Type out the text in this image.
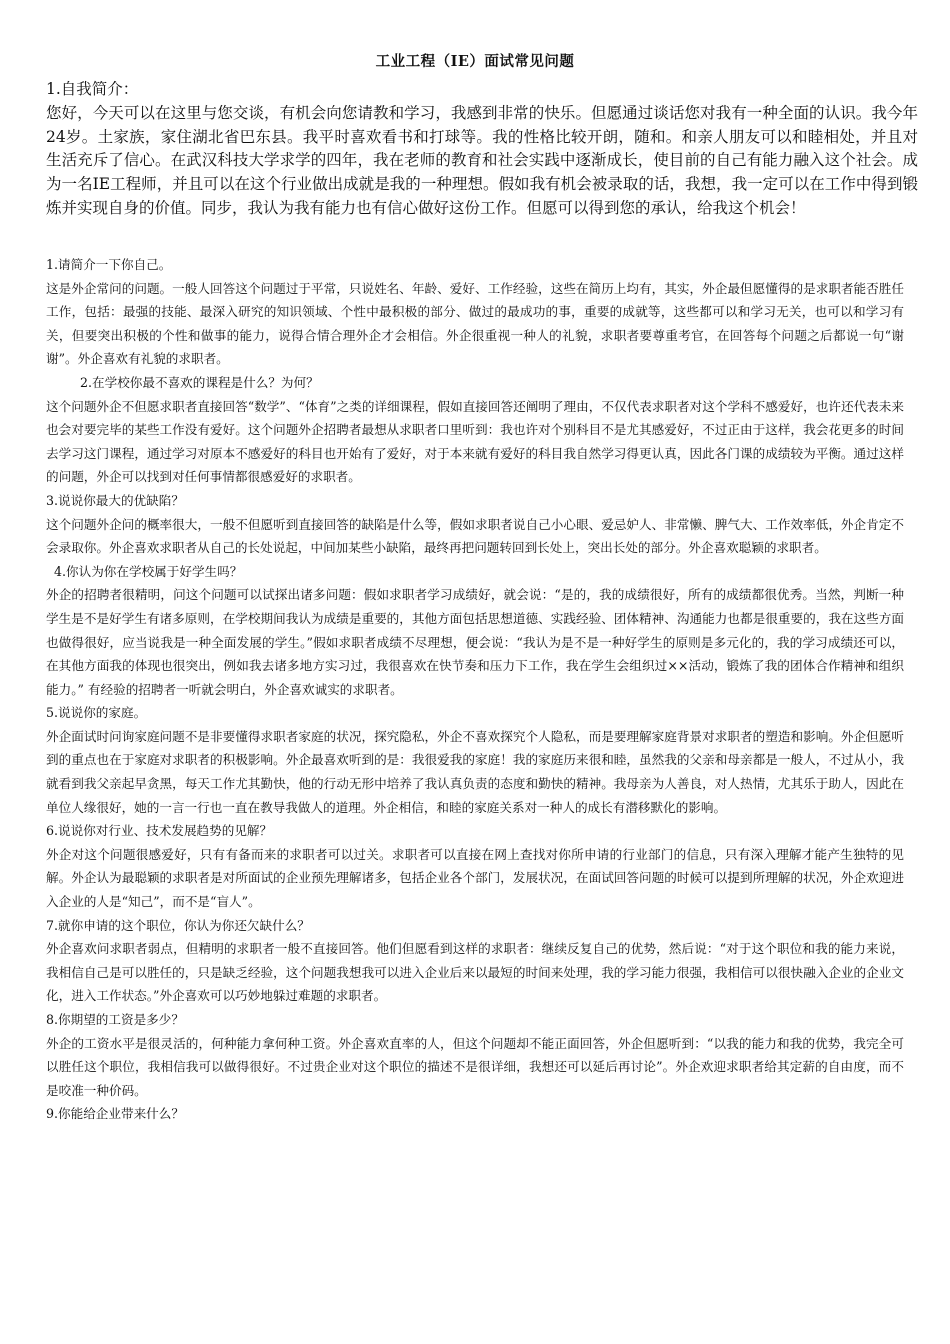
工业工程（IE）面试常见问题

1.自我简介：

您好，今天可以在这里与您交谈，有机会向您请教和学习，我感到非常的快乐。但愿通过谈话您对我有一种全面的认识。我今年24岁。土家族，家住湖北省巴东县。我平时喜欢看书和打球等。我的性格比较开朗，随和。和亲人朋友可以和睦相处，并且对生活充斥了信心。在武汉科技大学求学的四年，我在老师的教育和社会实践中逐渐成长，使目前的自己有能力融入这个社会。成为一名IE工程师，并且可以在这个行业做出成就是我的一种理想。假如我有机会被录取的话，我想，我一定可以在工作中得到锻炼并实现自身的价值。同步，我认为我有能力也有信心做好这份工作。但愿可以得到您的承认，给我这个机会！

1.请简介一下你自己。

这是外企常问的问题。一般人回答这个问题过于平常，只说姓名、年龄、爱好、工作经验，这些在简历上均有，其实，外企最但愿懂得的是求职者能否胜任工作，包括：最强的技能、最深入研究的知识领域、个性中最积极的部分、做过的最成功的事，重要的成就等，这些都可以和学习无关，也可以和学习有关，但要突出积极的个性和做事的能力，说得合情合理外企才会相信。外企很重视一种人的礼貌，求职者要尊重考官，在回答每个问题之后都说一句“谢谢”。外企喜欢有礼貌的求职者。

2.在学校你最不喜欢的课程是什么？为何？

这个问题外企不但愿求职者直接回答“数学”、“体育”之类的详细课程，假如直接回答还阐明了理由，不仅代表求职者对这个学科不感爱好，也许还代表未来也会对要完毕的某些工作没有爱好。这个问题外企招聘者最想从求职者口里听到：我也许对个别科目不是尤其感爱好，不过正由于这样，我会花更多的时间去学习这门课程，通过学习对原本不感爱好的科目也开始有了爱好，对于本来就有爱好的科目我自然学习得更认真，因此各门课的成绩较为平衡。通过这样的问题，外企可以找到对任何事情都很感爱好的求职者。

3.说说你最大的优缺陷？

这个问题外企问的概率很大，一般不但愿听到直接回答的缺陷是什么等，假如求职者说自己小心眼、爱忌妒人、非常懒、脾气大、工作效率低，外企肯定不会录取你。外企喜欢求职者从自己的长处说起，中间加某些小缺陷，最终再把问题转回到长处上，突出长处的部分。外企喜欢聪颖的求职者。

4.你认为你在学校属于好学生吗？

外企的招聘者很精明，问这个问题可以试探出诸多问题：假如求职者学习成绩好，就会说：“是的，我的成绩很好，所有的成绩都很优秀。当然，判断一种学生是不是好学生有诸多原则，在学校期间我认为成绩是重要的，其他方面包括思想道德、实践经验、团体精神、沟通能力也都是很重要的，我在这些方面也做得很好，应当说我是一种全面发展的学生。”假如求职者成绩不尽理想，便会说：“我认为是不是一种好学生的原则是多元化的，我的学习成绩还可以，在其他方面我的体现也很突出，例如我去诸多地方实习过，我很喜欢在快节奏和压力下工作，我在学生会组织过××活动，锻炼了我的团体合作精神和组织能力。” 有经验的招聘者一听就会明白，外企喜欢诚实的求职者。

5.说说你的家庭。

外企面试时问询家庭问题不是非要懂得求职者家庭的状况，探究隐私，外企不喜欢探究个人隐私，而是要理解家庭背景对求职者的塑造和影响。外企但愿听到的重点也在于家庭对求职者的积极影响。外企最喜欢听到的是：我很爱我的家庭！我的家庭历来很和睦，虽然我的父亲和母亲都是一般人，不过从小，我就看到我父亲起早贪黑，每天工作尤其勤快，他的行动无形中培养了我认真负责的态度和勤快的精神。我母亲为人善良，对人热情，尤其乐于助人，因此在单位人缘很好，她的一言一行也一直在教导我做人的道理。外企相信，和睦的家庭关系对一种人的成长有潜移默化的影响。

6.说说你对行业、技术发展趋势的见解？

外企对这个问题很感爱好，只有有备而来的求职者可以过关。求职者可以直接在网上查找对你所申请的行业部门的信息，只有深入理解才能产生独特的见解。外企认为最聪颖的求职者是对所面试的企业预先理解诸多，包括企业各个部门，发展状况，在面试回答问题的时候可以提到所理解的状况，外企欢迎进入企业的人是“知己”，而不是“盲人”。

7.就你申请的这个职位，你认为你还欠缺什么？

外企喜欢问求职者弱点，但精明的求职者一般不直接回答。他们但愿看到这样的求职者：继续反复自己的优势，然后说：“对于这个职位和我的能力来说，我相信自己是可以胜任的，只是缺乏经验，这个问题我想我可以进入企业后来以最短的时间来处理，我的学习能力很强，我相信可以很快融入企业的企业文化，进入工作状态。”外企喜欢可以巧妙地躲过难题的求职者。

8.你期望的工资是多少？

外企的工资水平是很灵活的，何种能力拿何种工资。外企喜欢直率的人，但这个问题却不能正面回答，外企但愿听到：“以我的能力和我的优势，我完全可以胜任这个职位，我相信我可以做得很好。不过贵企业对这个职位的描述不是很详细，我想还可以延后再讨论”。外企欢迎求职者给其定薪的自由度，而不是咬准一种价码。

9.你能给企业带来什么？
